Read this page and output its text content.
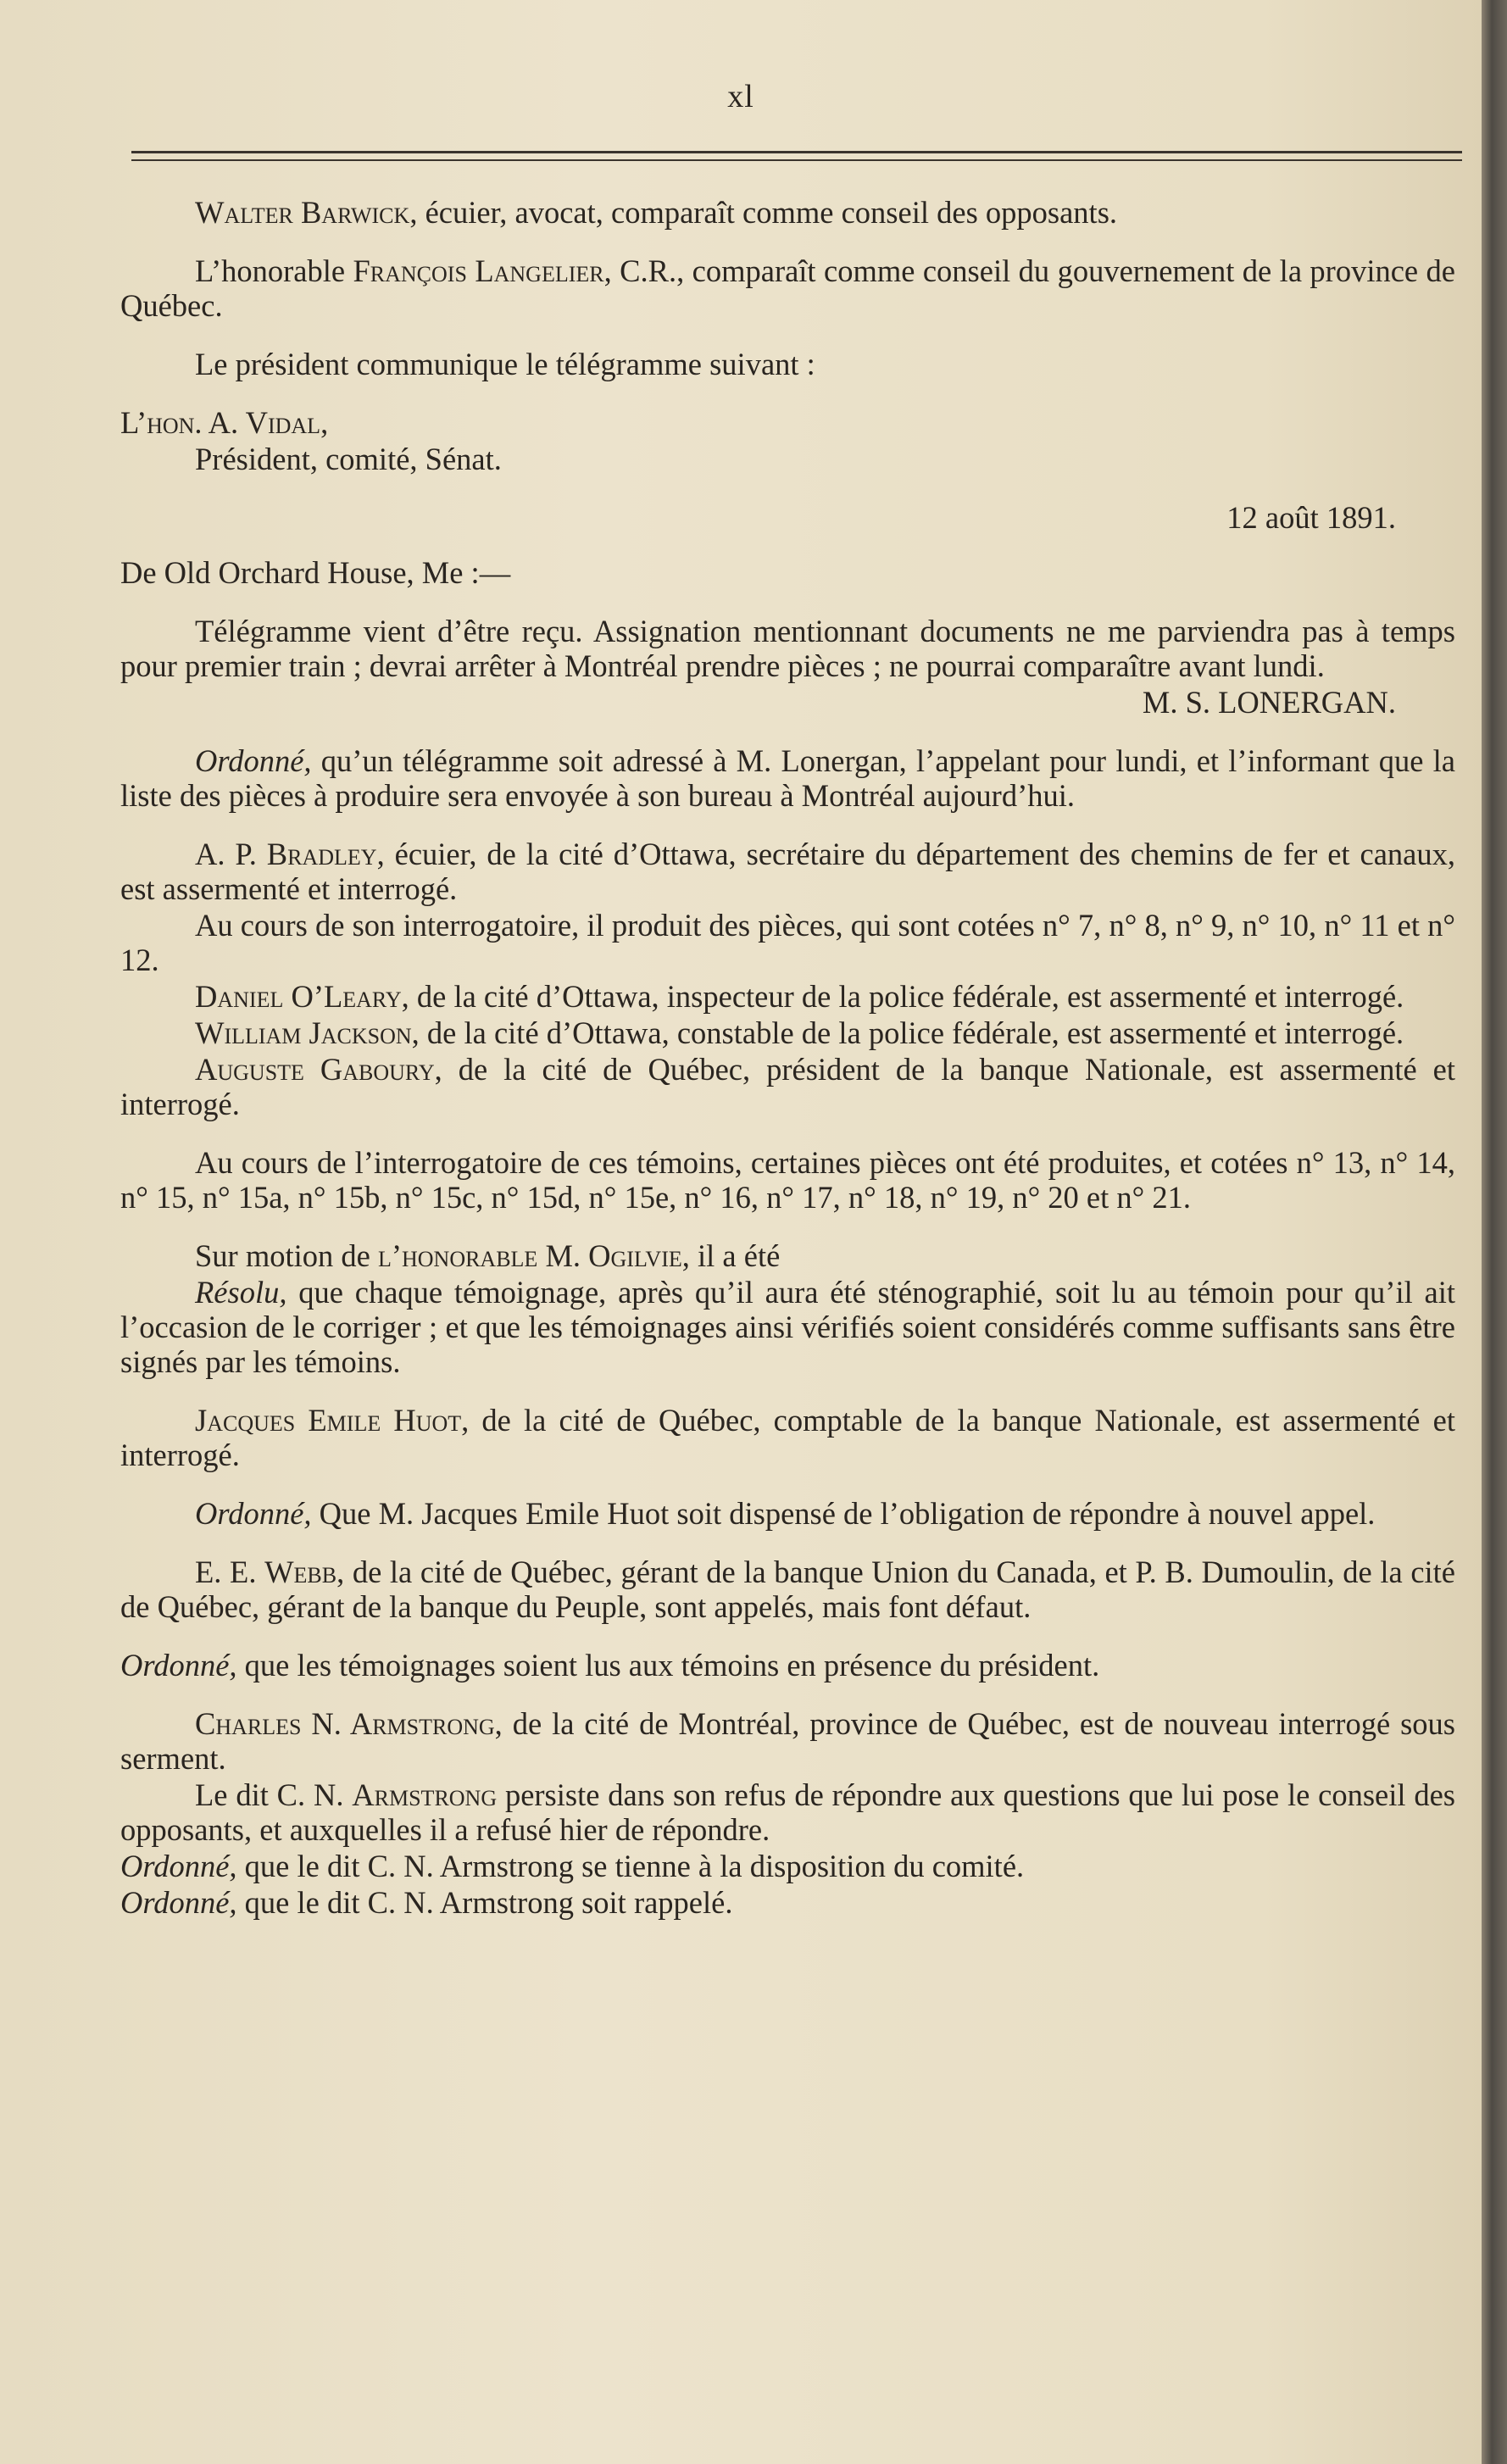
xl

Walter Barwick, écuier, avocat, comparaît comme conseil des opposants.

L’honorable François Langelier, C.R., comparaît comme conseil du gouvernement de la province de Québec.

Le président communique le télégramme suivant :

L’hon. A. Vidal,

Président, comité, Sénat.

12 août 1891.

De Old Orchard House, Me :—

Télégramme vient d’être reçu. Assignation mentionnant documents ne me parviendra pas à temps pour premier train ; devrai arrêter à Montréal prendre pièces ; ne pourrai comparaître avant lundi.

M. S. LONERGAN.

Ordonné, qu’un télégramme soit adressé à M. Lonergan, l’appelant pour lundi, et l’informant que la liste des pièces à produire sera envoyée à son bureau à Montréal aujourd’hui.

A. P. Bradley, écuier, de la cité d’Ottawa, secrétaire du département des chemins de fer et canaux, est assermenté et interrogé.

Au cours de son interrogatoire, il produit des pièces, qui sont cotées n° 7, n° 8, n° 9, n° 10, n° 11 et n° 12.

Daniel O’Leary, de la cité d’Ottawa, inspecteur de la police fédérale, est assermenté et interrogé.

William Jackson, de la cité d’Ottawa, constable de la police fédérale, est assermenté et interrogé.

Auguste Gaboury, de la cité de Québec, président de la banque Nationale, est assermenté et interrogé.

Au cours de l’interrogatoire de ces témoins, certaines pièces ont été produites, et cotées n° 13, n° 14, n° 15, n° 15a, n° 15b, n° 15c, n° 15d, n° 15e, n° 16, n° 17, n° 18, n° 19, n° 20 et n° 21.

Sur motion de l’honorable M. Ogilvie, il a été

Résolu, que chaque témoignage, après qu’il aura été sténographié, soit lu au témoin pour qu’il ait l’occasion de le corriger ; et que les témoignages ainsi vérifiés soient considérés comme suffisants sans être signés par les témoins.

Jacques Emile Huot, de la cité de Québec, comptable de la banque Nationale, est assermenté et interrogé.

Ordonné, Que M. Jacques Emile Huot soit dispensé de l’obligation de répondre à nouvel appel.

E. E. Webb, de la cité de Québec, gérant de la banque Union du Canada, et P. B. Dumoulin, de la cité de Québec, gérant de la banque du Peuple, sont appelés, mais font défaut.

Ordonné, que les témoignages soient lus aux témoins en présence du président.

Charles N. Armstrong, de la cité de Montréal, province de Québec, est de nouveau interrogé sous serment.

Le dit C. N. Armstrong persiste dans son refus de répondre aux questions que lui pose le conseil des opposants, et auxquelles il a refusé hier de répondre.

Ordonné, que le dit C. N. Armstrong se tienne à la disposition du comité.

Ordonné, que le dit C. N. Armstrong soit rappelé.
